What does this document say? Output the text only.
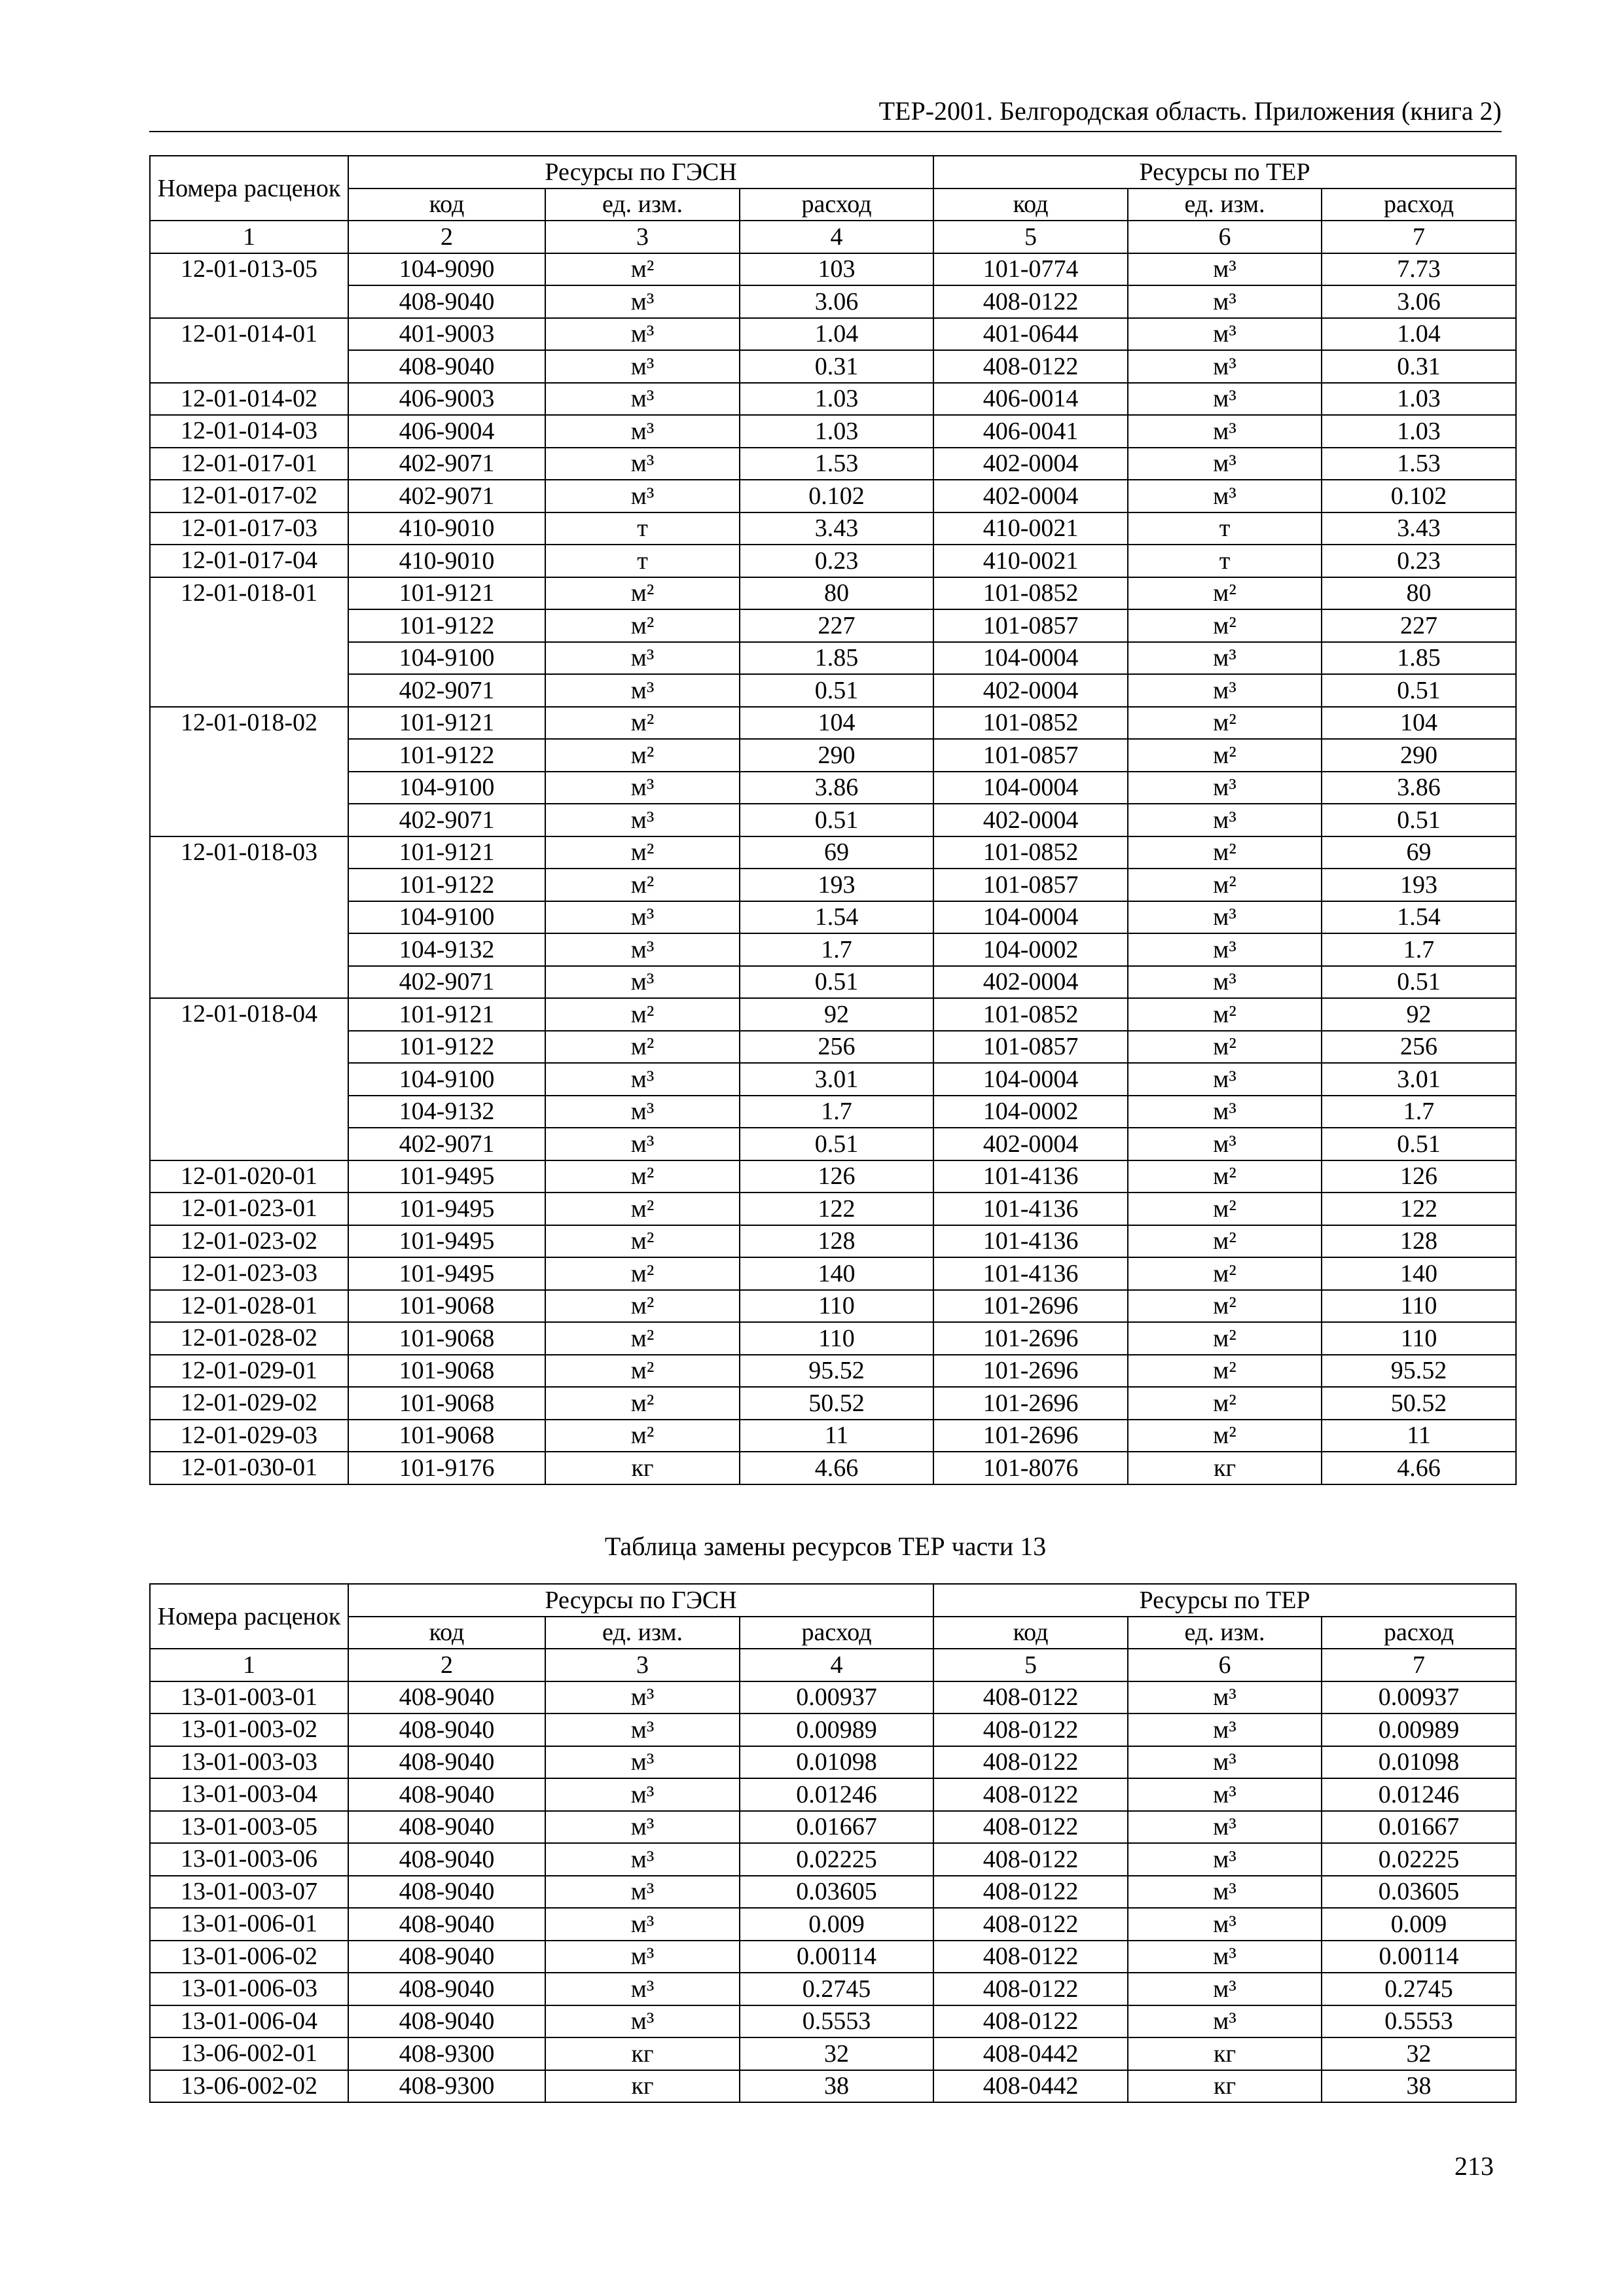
ТЕР-2001. Белгородская область. Приложения (книга 2)
Номера расценок	Ресурсы по ГЭСН			Ресурсы по ТЕР		
	код	ед. изм.	расход	код	ед. изм.	расход
1	2	3	4	5	6	7
12-01-013-05	104-9090	м²	103	101-0774	м³	7.73
	408-9040	м³	3.06	408-0122	м³	3.06
12-01-014-01	401-9003	м³	1.04	401-0644	м³	1.04
	408-9040	м³	0.31	408-0122	м³	0.31
12-01-014-02	406-9003	м³	1.03	406-0014	м³	1.03
12-01-014-03	406-9004	м³	1.03	406-0041	м³	1.03
12-01-017-01	402-9071	м³	1.53	402-0004	м³	1.53
12-01-017-02	402-9071	м³	0.102	402-0004	м³	0.102
12-01-017-03	410-9010	т	3.43	410-0021	т	3.43
12-01-017-04	410-9010	т	0.23	410-0021	т	0.23
12-01-018-01	101-9121	м²	80	101-0852	м²	80
	101-9122	м²	227	101-0857	м²	227
	104-9100	м³	1.85	104-0004	м³	1.85
	402-9071	м³	0.51	402-0004	м³	0.51
12-01-018-02	101-9121	м²	104	101-0852	м²	104
	101-9122	м²	290	101-0857	м²	290
	104-9100	м³	3.86	104-0004	м³	3.86
	402-9071	м³	0.51	402-0004	м³	0.51
12-01-018-03	101-9121	м²	69	101-0852	м²	69
	101-9122	м²	193	101-0857	м²	193
	104-9100	м³	1.54	104-0004	м³	1.54
	104-9132	м³	1.7	104-0002	м³	1.7
	402-9071	м³	0.51	402-0004	м³	0.51
12-01-018-04	101-9121	м²	92	101-0852	м²	92
	101-9122	м²	256	101-0857	м²	256
	104-9100	м³	3.01	104-0004	м³	3.01
	104-9132	м³	1.7	104-0002	м³	1.7
	402-9071	м³	0.51	402-0004	м³	0.51
12-01-020-01	101-9495	м²	126	101-4136	м²	126
12-01-023-01	101-9495	м²	122	101-4136	м²	122
12-01-023-02	101-9495	м²	128	101-4136	м²	128
12-01-023-03	101-9495	м²	140	101-4136	м²	140
12-01-028-01	101-9068	м²	110	101-2696	м²	110
12-01-028-02	101-9068	м²	110	101-2696	м²	110
12-01-029-01	101-9068	м²	95.52	101-2696	м²	95.52
12-01-029-02	101-9068	м²	50.52	101-2696	м²	50.52
12-01-029-03	101-9068	м²	11	101-2696	м²	11
12-01-030-01	101-9176	кг	4.66	101-8076	кг	4.66
Таблица замены ресурсов ТЕР части 13
Номера расценок	Ресурсы по ГЭСН			Ресурсы по ТЕР		
	код	ед. изм.	расход	код	ед. изм.	расход
1	2	3	4	5	6	7
13-01-003-01	408-9040	м³	0.00937	408-0122	м³	0.00937
13-01-003-02	408-9040	м³	0.00989	408-0122	м³	0.00989
13-01-003-03	408-9040	м³	0.01098	408-0122	м³	0.01098
13-01-003-04	408-9040	м³	0.01246	408-0122	м³	0.01246
13-01-003-05	408-9040	м³	0.01667	408-0122	м³	0.01667
13-01-003-06	408-9040	м³	0.02225	408-0122	м³	0.02225
13-01-003-07	408-9040	м³	0.03605	408-0122	м³	0.03605
13-01-006-01	408-9040	м³	0.009	408-0122	м³	0.009
13-01-006-02	408-9040	м³	0.00114	408-0122	м³	0.00114
13-01-006-03	408-9040	м³	0.2745	408-0122	м³	0.2745
13-01-006-04	408-9040	м³	0.5553	408-0122	м³	0.5553
13-06-002-01	408-9300	кг	32	408-0442	кг	32
13-06-002-02	408-9300	кг	38	408-0442	кг	38
213
